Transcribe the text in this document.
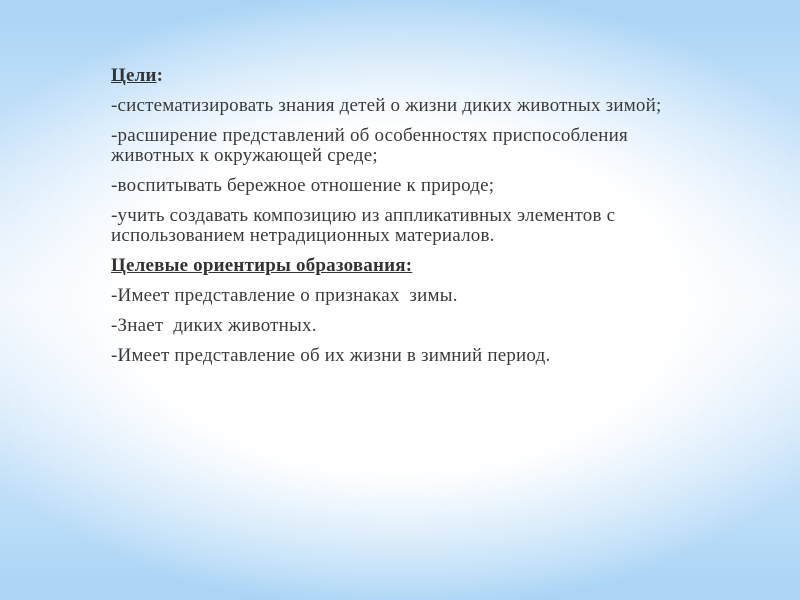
Цели:

-систематизировать знания детей о жизни диких животных зимой;

-расширение представлений об особенностях приспособления животных к окружающей среде;

-воспитывать бережное отношение к природе;

-учить создавать композицию из аппликативных элементов с использованием нетрадиционных материалов.

Целевые ориентиры образования:

-Имеет представление о признаках  зимы.

-Знает  диких животных.

-Имеет представление об их жизни в зимний период.
